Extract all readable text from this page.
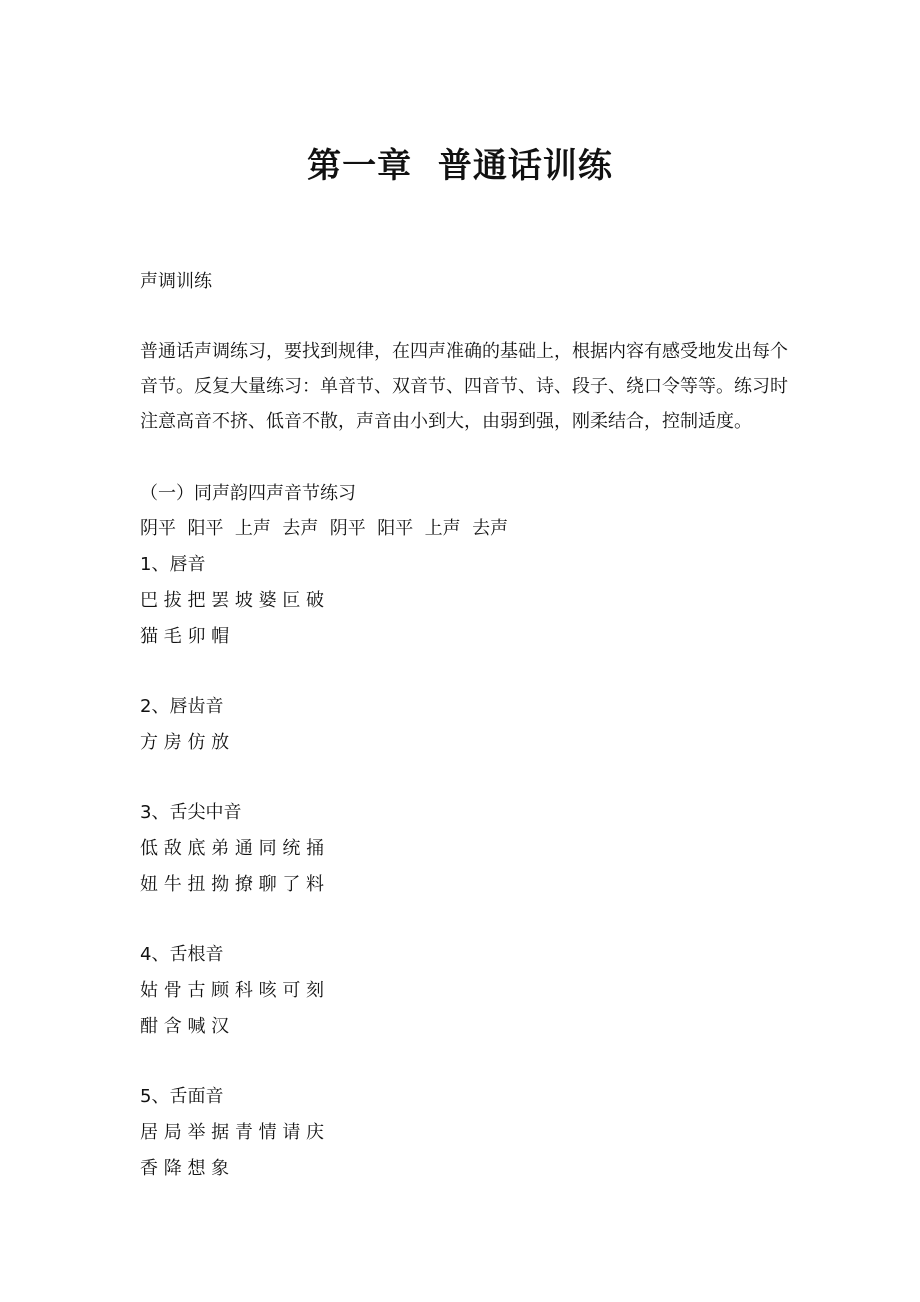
第一章  普通话训练
声调训练
普通话声调练习，要找到规律，在四声准确的基础上，根据内容有感受地发出每个音节。反复大量练习：单音节、双音节、四音节、诗、段子、绕口令等等。练习时注意高音不挤、低音不散，声音由小到大，由弱到强，刚柔结合，控制适度。
（一）同声韵四声音节练习
阴平  阳平  上声  去声  阴平  阳平  上声  去声
1、唇音
巴 拔 把 罢 坡 婆 叵 破
猫 毛 卯 帽
2、唇齿音
方 房 仿 放
3、舌尖中音
低 敌 底 弟 通 同 统 捅
妞 牛 扭 拗 撩 聊 了 料
4、舌根音
姑 骨 古 顾 科 咳 可 刻
酣 含 喊 汉
5、舌面音
居 局 举 据 青 情 请 庆
香 降 想 象
